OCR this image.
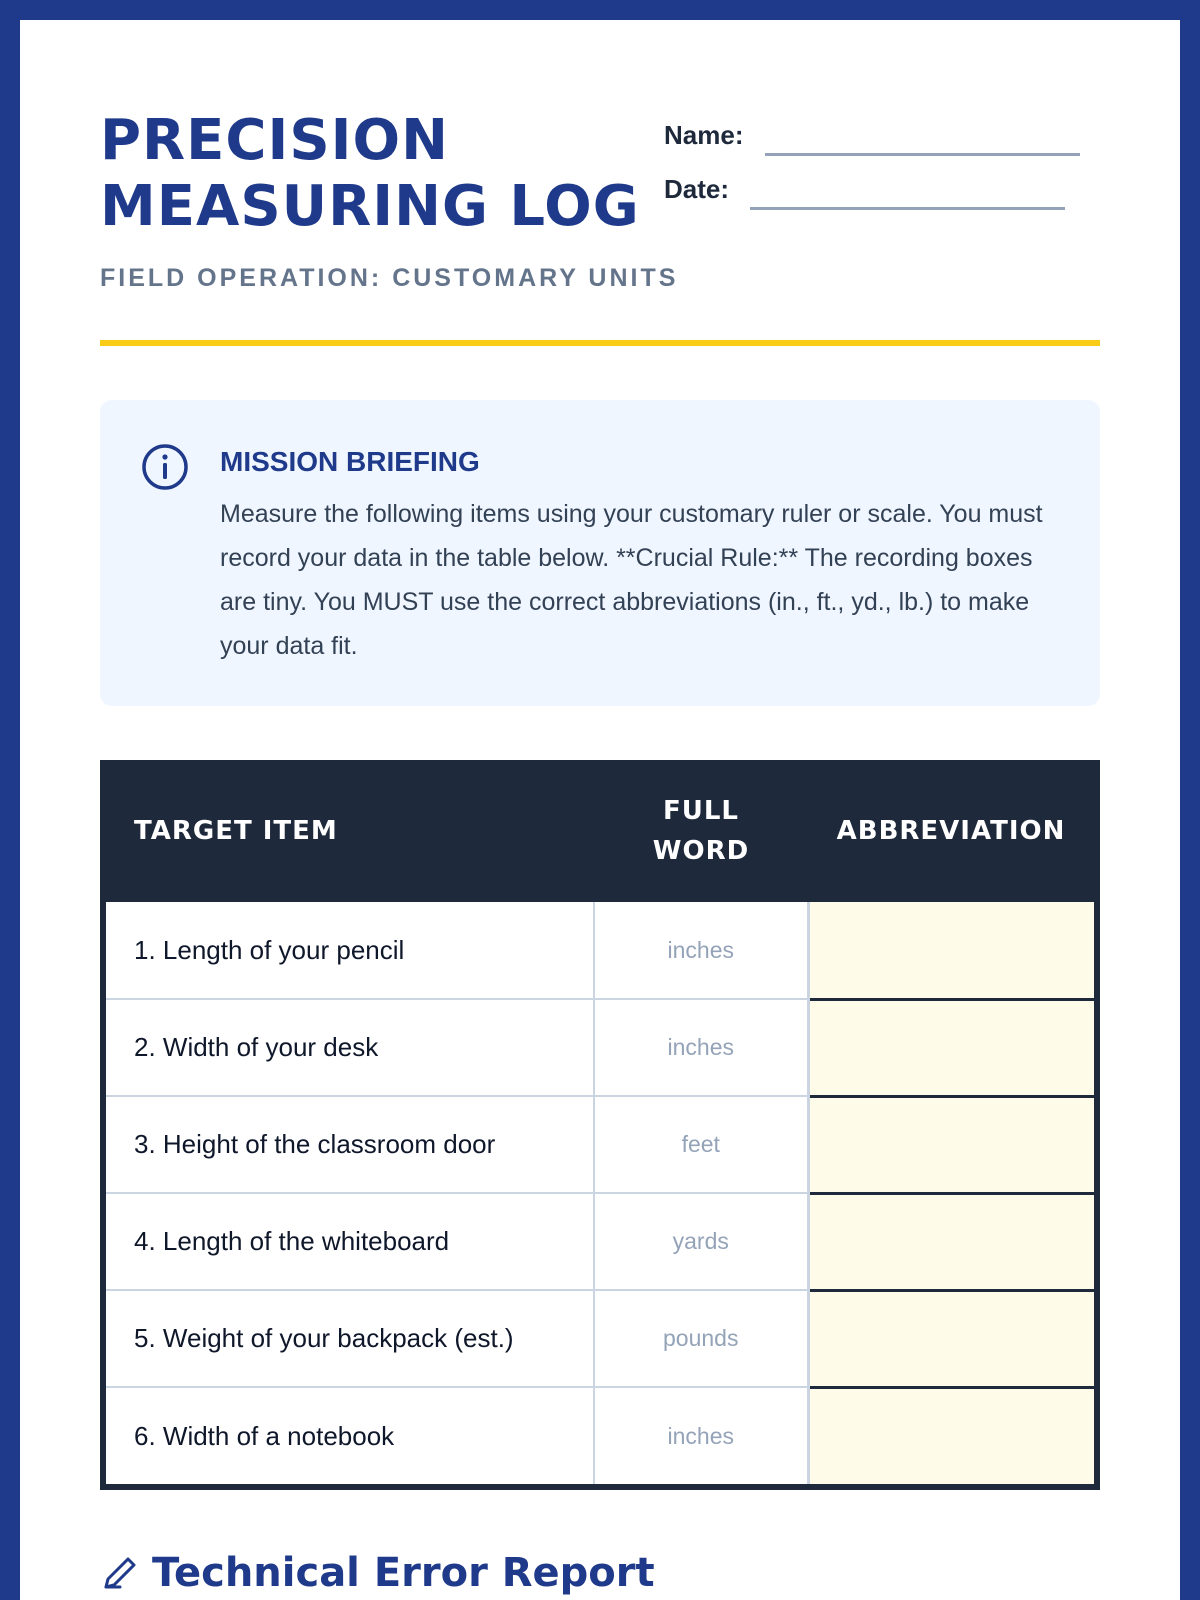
PRECISION
MEASURING LOG
FIELD OPERATION: CUSTOMARY UNITS
Name:
Date:
MISSION BRIEFING
Measure the following items using your customary ruler or scale. You must record your data in the table below. **Crucial Rule:** The recording boxes are tiny. You MUST use the correct abbreviations (in., ft., yd., lb.) to make your data fit.
TARGET ITEM	FULL WORD	ABBREVIATION
1. Length of your pencil	inches	
2. Width of your desk	inches	
3. Height of the classroom door	feet	
4. Length of the whiteboard	yards	
5. Weight of your backpack (est.)	pounds	
6. Width of a notebook	inches	
Technical Error Report
